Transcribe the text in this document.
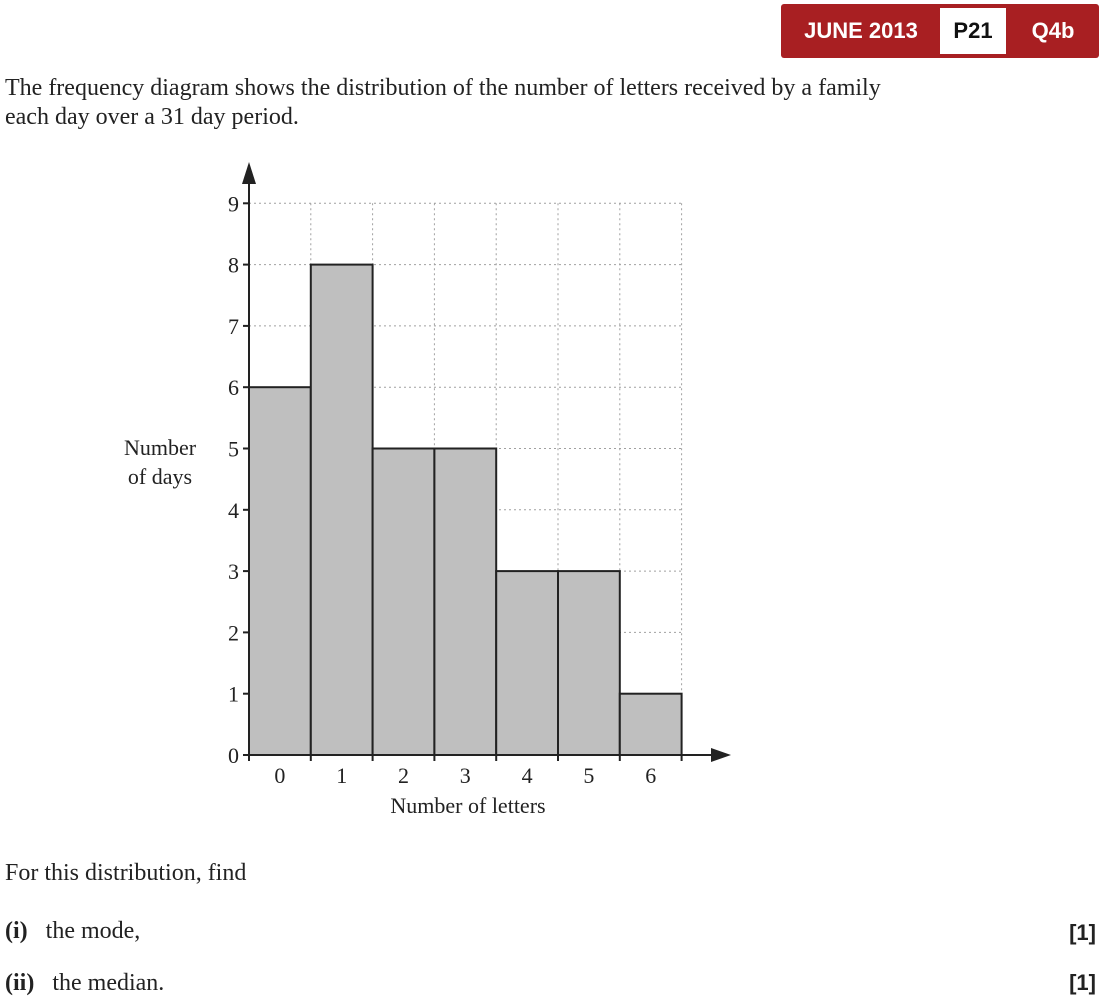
JUNE 2013	P21	Q4b
The frequency diagram shows the distribution of the number of letters received by a family
each day over a 31 day period.
0
1
2
3
4
5
6
7
8
9
0 1 2 3 4 5 6
Number of letters
Number
of days
For this distribution, find
(i) the mode,	[1]
(ii) the median.	[1]
